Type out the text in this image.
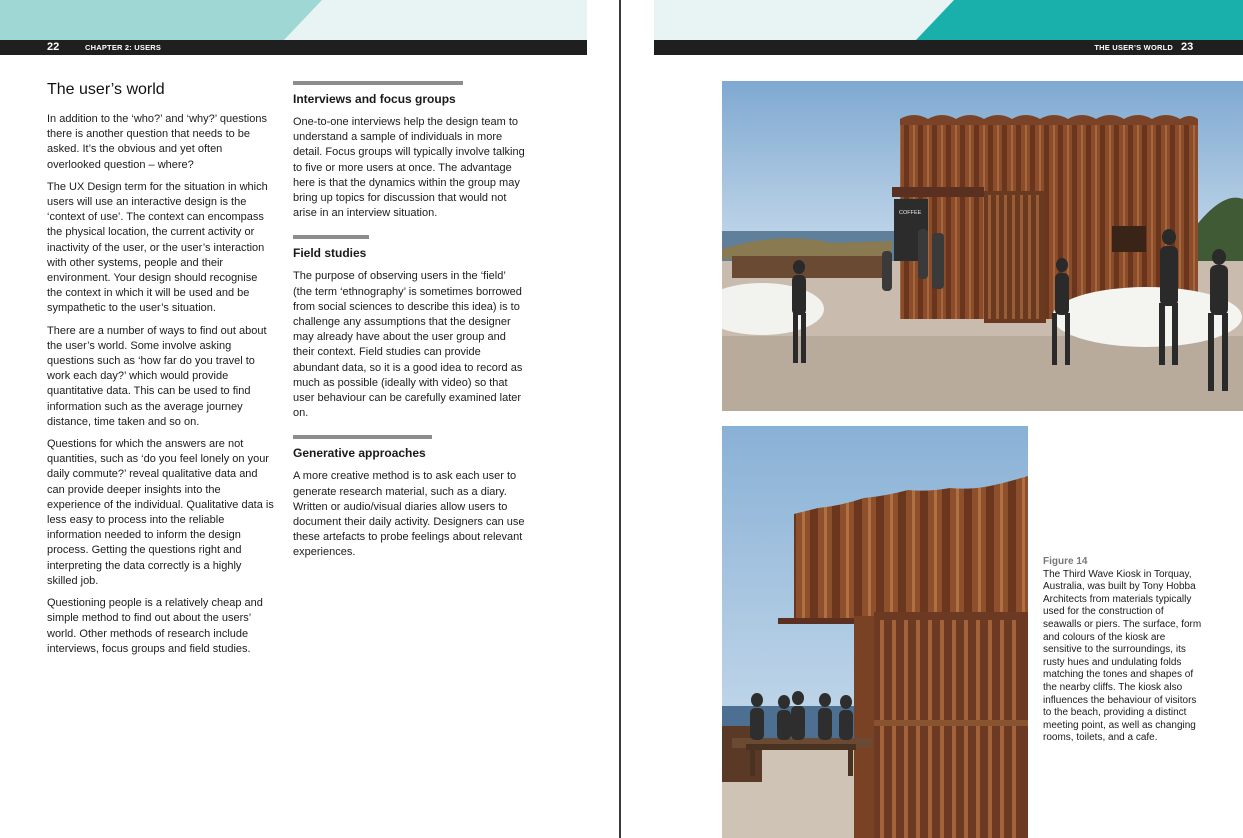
22	CHAPTER 2: USERS
The user’s world

In addition to the ‘who?’ and ‘why?’ questions there is another question that needs to be asked. It’s the obvious and yet often overlooked question – where?

The UX Design term for the situation in which users will use an interactive design is the ‘context of use’. The context can encompass the physical location, the current activity or inactivity of the user, or the user’s interaction with other systems, people and their environment. Your design should recognise the context in which it will be used and be sympathetic to the user’s situation.

There are a number of ways to find out about the user’s world. Some involve asking questions such as ‘how far do you travel to work each day?’ which would provide quantitative data. This can be used to find information such as the average journey distance, time taken and so on.

Questions for which the answers are not quantities, such as ‘do you feel lonely on your daily commute?’ reveal qualitative data and can provide deeper insights into the experience of the individual. Qualitative data is less easy to process into the reliable information needed to inform the design process. Getting the questions right and interpreting the data correctly is a highly skilled job.

Questioning people is a relatively cheap and simple method to find out about the users’ world. Other methods of research include interviews, focus groups and field studies.

Interviews and focus groups

One-to-one interviews help the design team to understand a sample of individuals in more detail. Focus groups will typically involve talking to five or more users at once. The advantage here is that the dynamics within the group may bring up topics for discussion that would not arise in an interview situation.

Field studies

The purpose of observing users in the ‘field’ (the term ‘ethnography’ is sometimes borrowed from social sciences to describe this idea) is to challenge any assumptions that the designer may already have about the user group and their context. Field studies can provide abundant data, so it is a good idea to record as much as possible (ideally with video) so that user behaviour can be carefully examined later on.

Generative approaches

A more creative method is to ask each user to generate research material, such as a diary. Written or audio/visual diaries allow users to document their daily activity. Designers can use these artefacts to probe feelings about relevant experiences.

THE USER’S WORLD 23
COFFEE
Figure 14
The Third Wave Kiosk in Torquay, Australia, was built by Tony Hobba Architects from materials typically used for the construction of seawalls or piers. The surface, form and colours of the kiosk are sensitive to the surroundings, its rusty hues and undulating folds matching the tones and shapes of the nearby cliffs. The kiosk also influences the behaviour of visitors to the beach, providing a distinct meeting point, as well as changing rooms, toilets, and a cafe.
